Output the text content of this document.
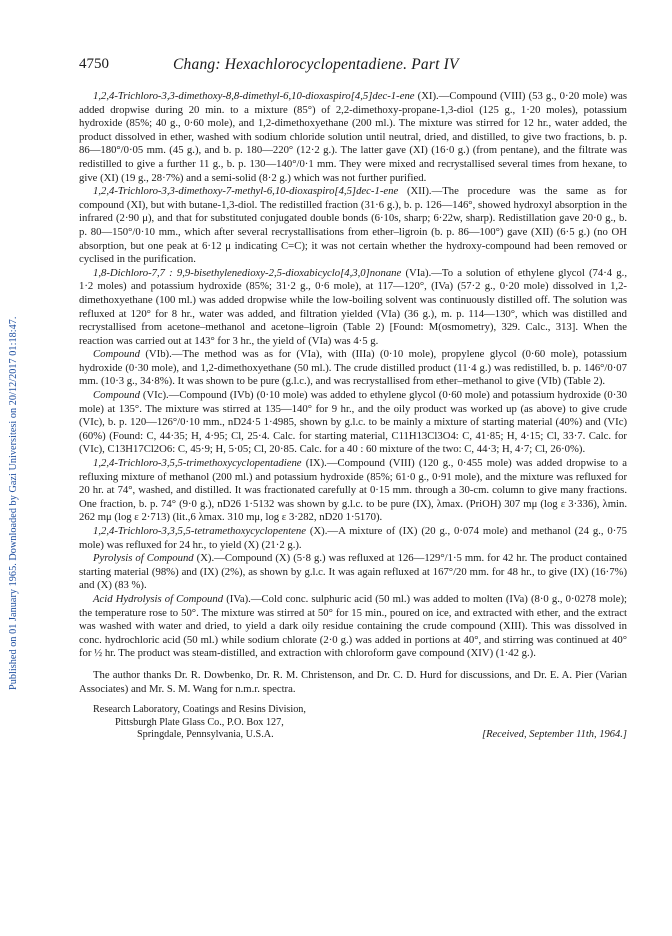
Published on 01 January 1965. Downloaded by Gazi Universitesi on 20/12/2017 01:18:47.
4750	Chang: Hexachlorocyclopentadiene. Part IV

1,2,4-Trichloro-3,3-dimethoxy-8,8-dimethyl-6,10-dioxaspiro[4,5]dec-1-ene (XI).—Compound (VIII) (53 g., 0·20 mole) was added dropwise during 20 min. to a mixture (85°) of 2,2-dimethoxy-propane-1,3-diol (125 g., 1·20 moles), potassium hydroxide (85%; 40 g., 0·60 mole), and 1,2-dimethoxyethane (200 ml.). The mixture was stirred for 12 hr., water added, the product dissolved in ether, washed with sodium chloride solution until neutral, dried, and distilled, to give two fractions, b. p. 86—180°/0·05 mm. (45 g.), and b. p. 180—220° (12·2 g.). The latter gave (XI) (16·0 g.) (from pentane), and the filtrate was redistilled to give a further 11 g., b. p. 130—140°/0·1 mm. They were mixed and recrystallised several times from hexane, to give (XI) (19 g., 28·7%) and a semi-solid (8·2 g.) which was not further purified.

1,2,4-Trichloro-3,3-dimethoxy-7-methyl-6,10-dioxaspiro[4,5]dec-1-ene (XII).—The procedure was the same as for compound (XI), but with butane-1,3-diol. The redistilled fraction (31·6 g.), b. p. 126—146°, showed hydroxyl absorption in the infrared (2·90 μ), and that for substituted conjugated double bonds (6·10s, sharp; 6·22w, sharp). Redistillation gave 20·0 g., b. p. 80—150°/0·10 mm., which after several recrystallisations from ether–ligroin (b. p. 86—100°) gave (XII) (6·5 g.) (no OH absorption, but one peak at 6·12 μ indicating C=C); it was not certain whether the hydroxy-compound had been removed or cyclised in the purification.

1,8-Dichloro-7,7 : 9,9-bisethylenedioxy-2,5-dioxabicyclo[4,3,0]nonane (VIa).—To a solution of ethylene glycol (74·4 g., 1·2 moles) and potassium hydroxide (85%; 31·2 g., 0·6 mole), at 117—120°, (IVa) (57·2 g., 0·20 mole) dissolved in 1,2-dimethoxyethane (100 ml.) was added dropwise while the low-boiling solvent was continuously distilled off. The solution was refluxed at 120° for 8 hr., water was added, and filtration yielded (VIa) (36 g.), m. p. 114—130°, which was distilled and recrystallised from acetone–methanol and acetone–ligroin (Table 2) [Found: M(osmometry), 329. Calc., 313]. When the reaction was carried out at 143° for 3 hr., the yield of (VIa) was 4·5 g.

Compound (VIb).—The method was as for (VIa), with (IIIa) (0·10 mole), propylene glycol (0·60 mole), potassium hydroxide (0·30 mole), and 1,2-dimethoxyethane (50 ml.). The crude distilled product (11·4 g.) was redistilled, b. p. 146°/0·07 mm. (10·3 g., 34·8%). It was shown to be pure (g.l.c.), and was recrystallised from ether–methanol to give (VIb) (Table 2).

Compound (VIc).—Compound (IVb) (0·10 mole) was added to ethylene glycol (0·60 mole) and potassium hydroxide (0·30 mole) at 135°. The mixture was stirred at 135—140° for 9 hr., and the oily product was worked up (as above) to give crude (VIc), b. p. 120—126°/0·10 mm., nD24·5 1·4985, shown by g.l.c. to be mainly a mixture of starting material (40%) and (VIc) (60%) (Found: C, 44·35; H, 4·95; Cl, 25·4. Calc. for starting material, C11H13Cl3O4: C, 41·85; H, 4·15; Cl, 33·7. Calc. for (VIc), C13H17Cl2O6: C, 45·9; H, 5·05; Cl, 20·85. Calc. for a 40 : 60 mixture of the two: C, 44·3; H, 4·7; Cl, 26·0%).

1,2,4-Trichloro-3,5,5-trimethoxycyclopentadiene (IX).—Compound (VIII) (120 g., 0·455 mole) was added dropwise to a refluxing mixture of methanol (200 ml.) and potassium hydroxide (85%; 61·0 g., 0·91 mole), and the mixture was refluxed for 20 hr. at 74°, washed, and distilled. It was fractionated carefully at 0·15 mm. through a 30-cm. column to give many fractions. One fraction, b. p. 74° (9·0 g.), nD26 1·5132 was shown by g.l.c. to be pure (IX), λmax. (PriOH) 307 mμ (log ε 3·336), λmin. 262 mμ (log ε 2·713) (lit.,6 λmax. 310 mμ, log ε 3·282, nD20 1·5170).

1,2,4-Trichloro-3,3,5,5-tetramethoxycyclopentene (X).—A mixture of (IX) (20 g., 0·074 mole) and methanol (24 g., 0·75 mole) was refluxed for 24 hr., to yield (X) (21·2 g.).

Pyrolysis of Compound (X).—Compound (X) (5·8 g.) was refluxed at 126—129°/1·5 mm. for 42 hr. The product contained starting material (98%) and (IX) (2%), as shown by g.l.c. It was again refluxed at 167°/20 mm. for 48 hr., to give (IX) (16·7%) and (X) (83 %).

Acid Hydrolysis of Compound (IVa).—Cold conc. sulphuric acid (50 ml.) was added to molten (IVa) (8·0 g., 0·0278 mole); the temperature rose to 50°. The mixture was stirred at 50° for 15 min., poured on ice, and extracted with ether, and the extract was washed with water and dried, to yield a dark oily residue containing the crude compound (XIII). This was dissolved in conc. hydrochloric acid (50 ml.) while sodium chlorate (2·0 g.) was added in portions at 40°, and stirring was continued at 40° for ½ hr. The product was steam-distilled, and extraction with chloroform gave compound (XIV) (1·42 g.).

The author thanks Dr. R. Dowbenko, Dr. R. M. Christenson, and Dr. C. D. Hurd for discussions, and Dr. E. A. Pier (Varian Associates) and Mr. S. M. Wang for n.m.r. spectra.

Research Laboratory, Coatings and Resins Division,
Pittsburgh Plate Glass Co., P.O. Box 127,
Springdale, Pennsylvania, U.S.A.	[Received, September 11th, 1964.]
